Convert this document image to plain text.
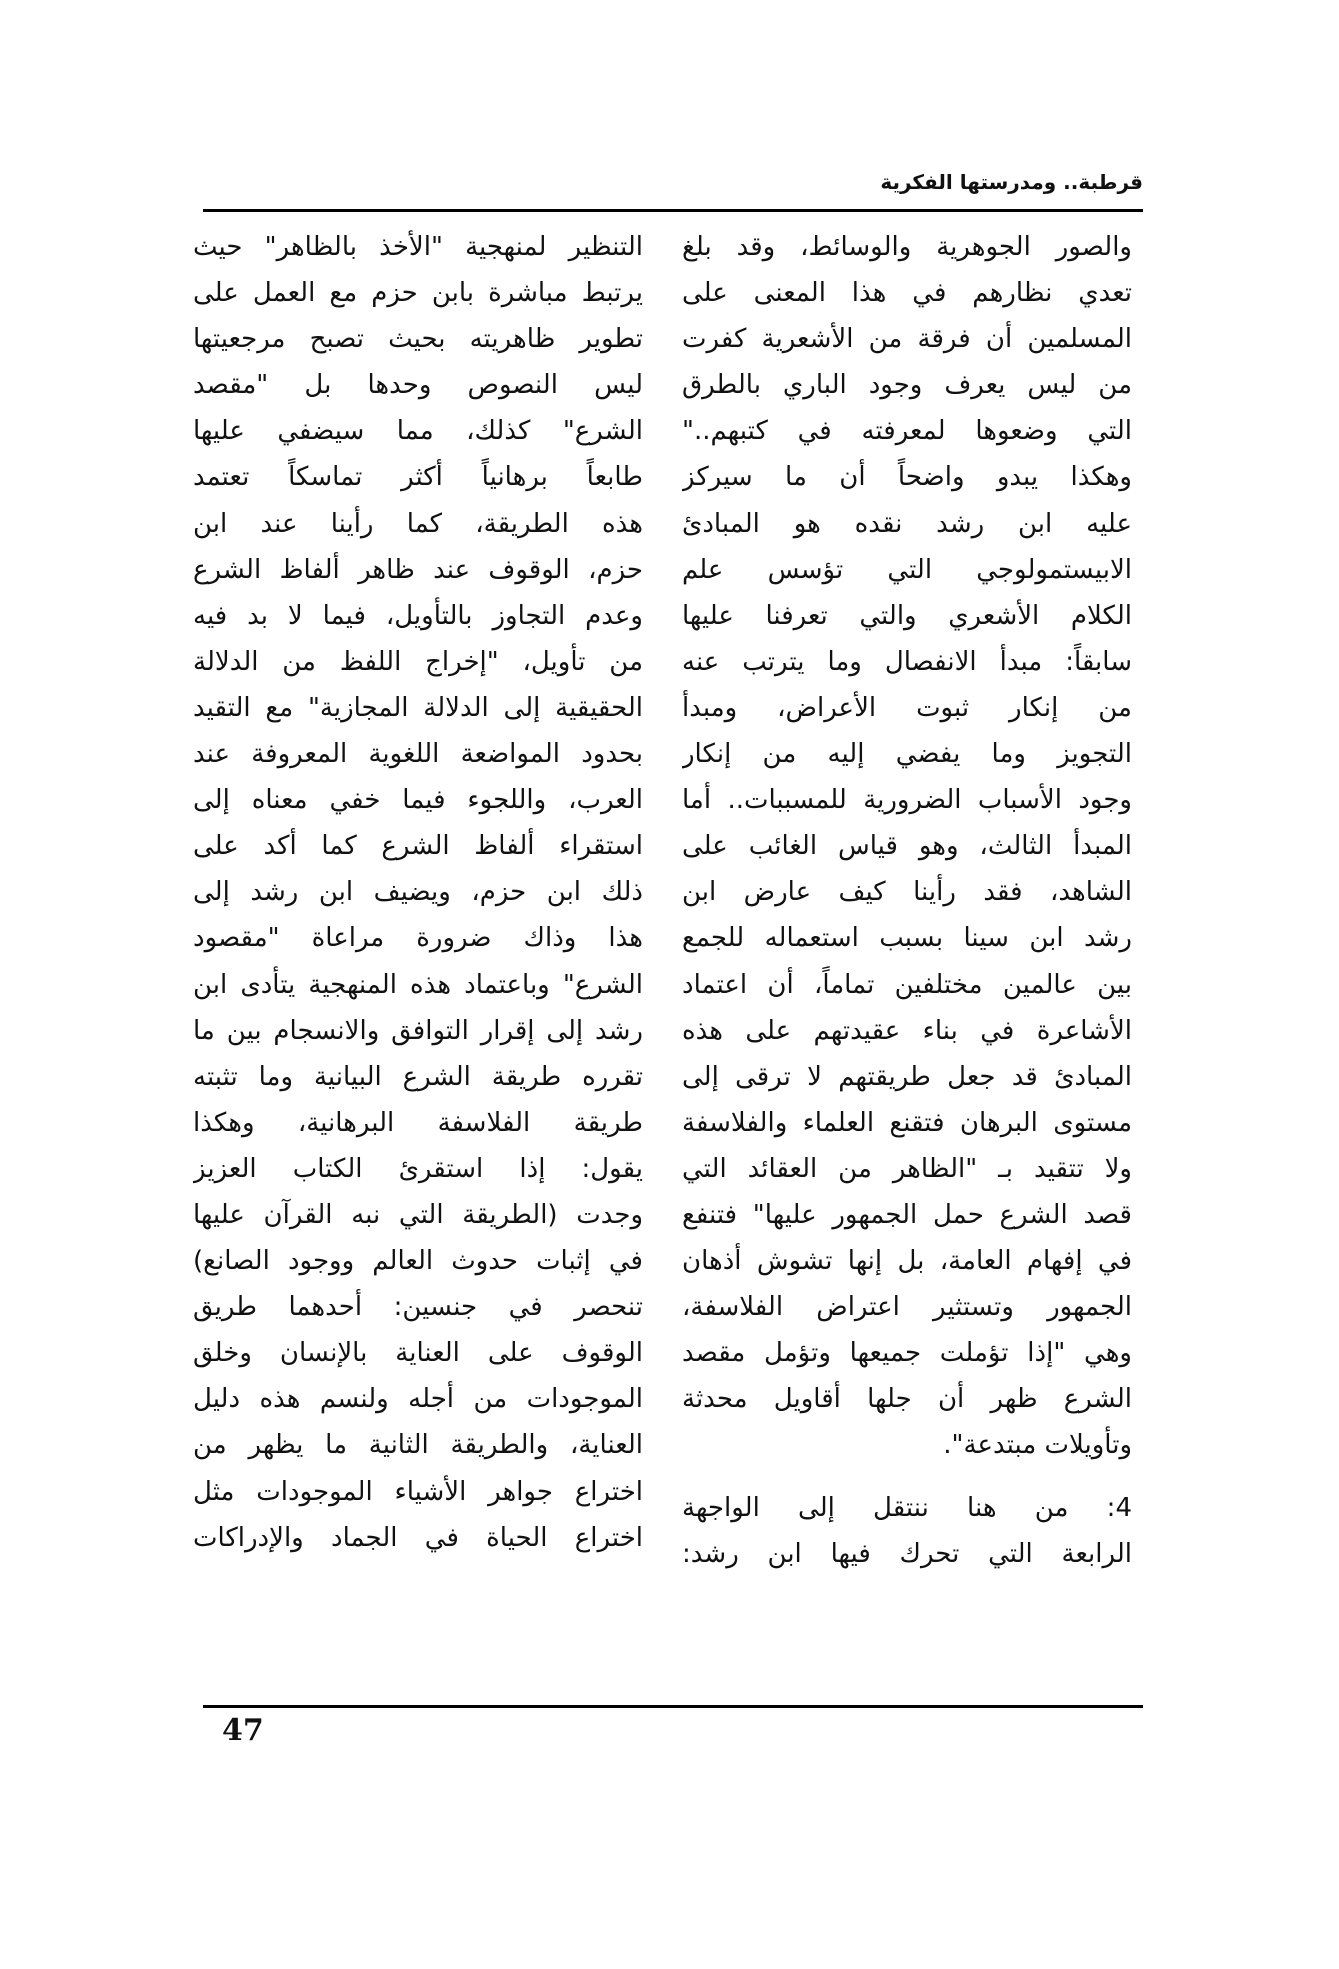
قرطبة.. ومدرستها الفكرية
والصور الجوهرية والوسائط، وقد بلغ
تعدي نظارهم في هذا المعنى على
المسلمين أن فرقة من الأشعرية كفرت
من ليس يعرف وجود الباري بالطرق
التي وضعوها لمعرفته في كتبهم.."
وهكذا يبدو واضحاً أن ما سيركز
عليه ابن رشد نقده هو المبادئ
الابيستمولوجي التي تؤسس علم
الكلام الأشعري والتي تعرفنا عليها
سابقاً: مبدأ الانفصال وما يترتب عنه
من إنكار ثبوت الأعراض، ومبدأ
التجويز وما يفضي إليه من إنكار
وجود الأسباب الضرورية للمسببات.. أما
المبدأ الثالث، وهو قياس الغائب على
الشاهد، فقد رأينا كيف عارض ابن
رشد ابن سينا بسبب استعماله للجمع
بين عالمين مختلفين تماماً، أن اعتماد
الأشاعرة في بناء عقيدتهم على هذه
المبادئ قد جعل طريقتهم لا ترقى إلى
مستوى البرهان فتقنع العلماء والفلاسفة
ولا تتقيد بـ "الظاهر من العقائد التي
قصد الشرع حمل الجمهور عليها" فتنفع
في إفهام العامة، بل إنها تشوش أذهان
الجمهور وتستثير اعتراض الفلاسفة،
وهي "إذا تؤملت جميعها وتؤمل مقصد
الشرع ظهر أن جلها أقاويل محدثة
وتأويلات مبتدعة".
4: من هنا ننتقل إلى الواجهة
الرابعة التي تحرك فيها ابن رشد:
التنظير لمنهجية "الأخذ بالظاهر" حيث
يرتبط مباشرة بابن حزم مع العمل على
تطوير ظاهريته بحيث تصبح مرجعيتها
ليس النصوص وحدها بل "مقصد
الشرع" كذلك، مما سيضفي عليها
طابعاً برهانياً أكثر تماسكاً تعتمد
هذه الطريقة، كما رأينا عند ابن
حزم، الوقوف عند ظاهر ألفاظ الشرع
وعدم التجاوز بالتأويل، فيما لا بد فيه
من تأويل، "إخراج اللفظ من الدلالة
الحقيقية إلى الدلالة المجازية" مع التقيد
بحدود المواضعة اللغوية المعروفة عند
العرب، واللجوء فيما خفي معناه إلى
استقراء ألفاظ الشرع كما أكد على
ذلك ابن حزم، ويضيف ابن رشد إلى
هذا وذاك ضرورة مراعاة "مقصود
الشرع" وباعتماد هذه المنهجية يتأدى ابن
رشد إلى إقرار التوافق والانسجام بين ما
تقرره طريقة الشرع البيانية وما تثبته
طريقة الفلاسفة البرهانية، وهكذا
يقول: إذا استقرئ الكتاب العزيز
وجدت (الطريقة التي نبه القرآن عليها
في إثبات حدوث العالم ووجود الصانع)
تنحصر في جنسين: أحدهما طريق
الوقوف على العناية بالإنسان وخلق
الموجودات من أجله ولنسم هذه دليل
العناية، والطريقة الثانية ما يظهر من
اختراع جواهر الأشياء الموجودات مثل
اختراع الحياة في الجماد والإدراكات
47
